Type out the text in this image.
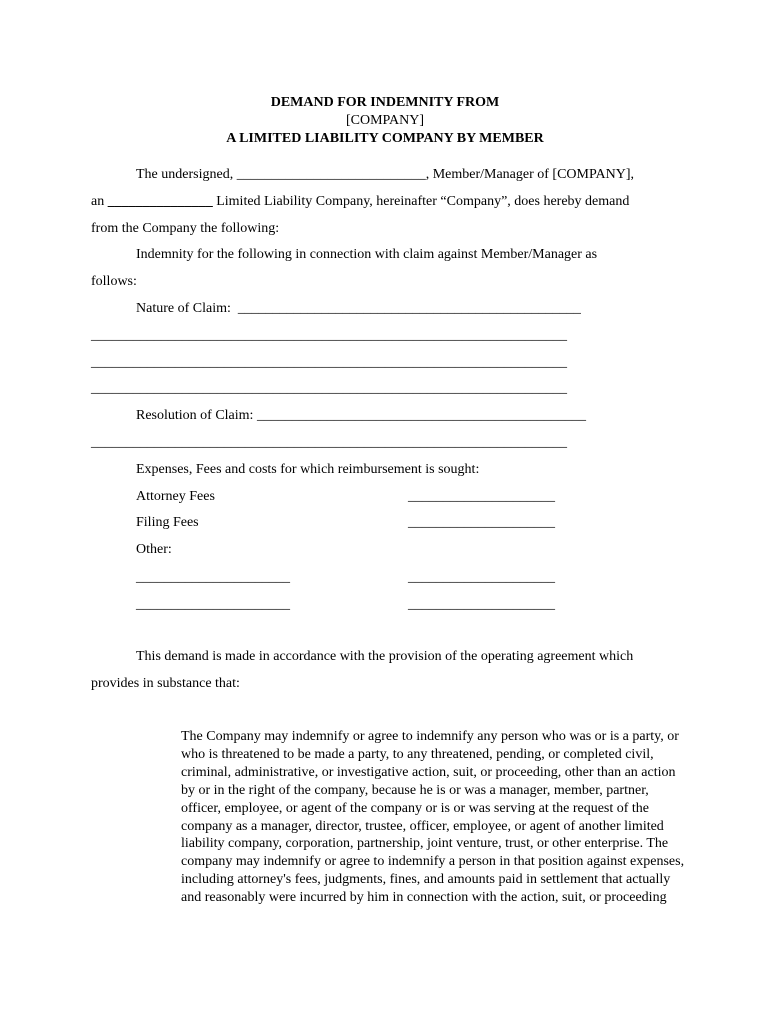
DEMAND FOR INDEMNITY FROM
[COMPANY]
A LIMITED LIABILITY COMPANY BY MEMBER
The undersigned, ___________________________, Member/Manager of [COMPANY],
an _______________ Limited Liability Company, hereinafter “Company”, does hereby demand
from the Company the following:
Indemnity for the following in connection with claim against Member/Manager as
follows:
Nature of Claim:  _________________________________________________
____________________________________________________________________
____________________________________________________________________
____________________________________________________________________
Resolution of Claim: _______________________________________________
____________________________________________________________________
Expenses, Fees and costs for which reimbursement is sought:
Attorney Fees	_____________________
Filing Fees	_____________________
Other:
______________________	_____________________
______________________	_____________________
This demand is made in accordance with the provision of the operating agreement which
provides in substance that:
The Company may indemnify or agree to indemnify any person who was or is a party, or who is threatened to be made a party, to any threatened, pending, or completed civil, criminal, administrative, or investigative action, suit, or proceeding, other than an action by or in the right of the company, because he is or was a manager, member, partner, officer, employee, or agent of the company or is or was serving at the request of the company as a manager, director, trustee, officer, employee, or agent of another limited liability company, corporation, partnership, joint venture, trust, or other enterprise. The company may indemnify or agree to indemnify a person in that position against expenses, including attorney's fees, judgments, fines, and amounts paid in settlement that actually and reasonably were incurred by him in connection with the action, suit, or proceeding
